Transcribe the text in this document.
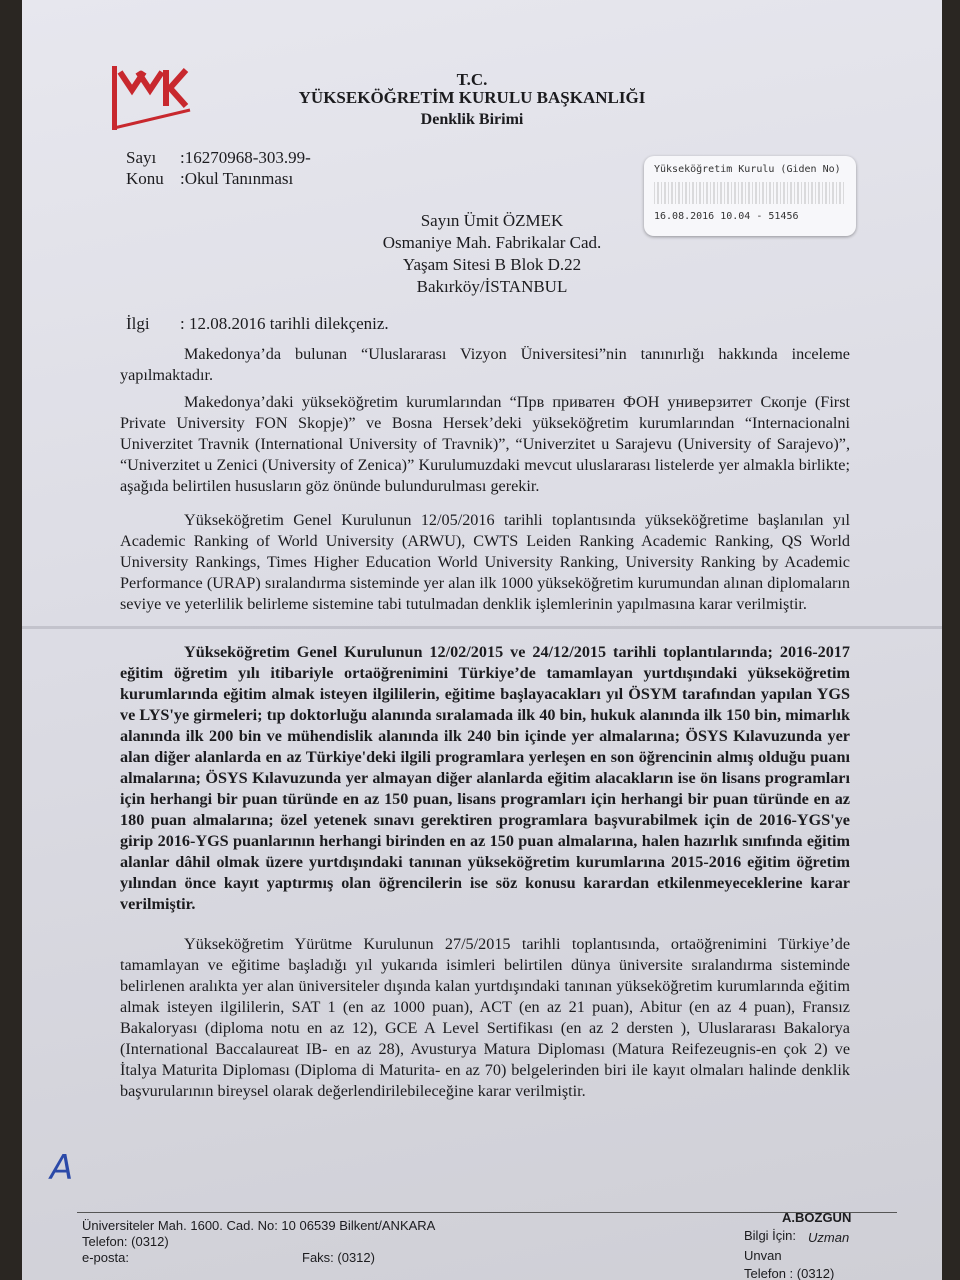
T.C.
YÜKSEKÖĞRETİM KURULU BAŞKANLIĞI
Denklik Birimi
Sayı :16270968-303.99-
Konu :Okul Tanınması	Yükseköğretim Kurulu (Giden No)
16.08.2016 10.04 - 51456
Sayın Ümit ÖZMEK
Osmaniye Mah. Fabrikalar Cad.
Yaşam Sitesi B Blok D.22
Bakırköy/İSTANBUL
İlgi : 12.08.2016 tarihli dilekçeniz.

Makedonya’da bulunan “Uluslararası Vizyon Üniversitesi”nin tanınırlığı hakkında inceleme yapılmaktadır.

Makedonya’daki yükseköğretim kurumlarından “Прв приватен ФОН универзитет Скопје (First Private University FON Skopje)” ve Bosna Hersek’deki yükseköğretim kurumlarından “Internacionalni Univerzitet Travnik (International University of Travnik)”, “Univerzitet u Sarajevu (University of Sarajevo)”, “Univerzitet u Zenici (University of Zenica)” Kurulumuzdaki mevcut uluslararası listelerde yer almakla birlikte; aşağıda belirtilen hususların göz önünde bulundurulması gerekir.

Yükseköğretim Genel Kurulunun 12/05/2016 tarihli toplantısında yükseköğretime başlanılan yıl Academic Ranking of World University (ARWU), CWTS Leiden Ranking Academic Ranking, QS World University Rankings, Times Higher Education World University Ranking, University Ranking by Academic Performance (URAP) sıralandırma sisteminde yer alan ilk 1000 yükseköğretim kurumundan alınan diplomaların seviye ve yeterlilik belirleme sistemine tabi tutulmadan denklik işlemlerinin yapılmasına karar verilmiştir.

Yükseköğretim Genel Kurulunun 12/02/2015 ve 24/12/2015 tarihli toplantılarında; 2016-2017 eğitim öğretim yılı itibariyle ortaöğrenimini Türkiye’de tamamlayan yurtdışındaki yükseköğretim kurumlarında eğitim almak isteyen ilgililerin, eğitime başlayacakları yıl ÖSYM tarafından yapılan YGS ve LYS'ye girmeleri; tıp doktorluğu alanında sıralamada ilk 40 bin, hukuk alanında ilk 150 bin, mimarlık alanında ilk 200 bin ve mühendislik alanında ilk 240 bin içinde yer almalarına; ÖSYS Kılavuzunda yer alan diğer alanlarda en az Türkiye'deki ilgili programlara yerleşen en son öğrencinin almış olduğu puanı almalarına; ÖSYS Kılavuzunda yer almayan diğer alanlarda eğitim alacakların ise ön lisans programları için herhangi bir puan türünde en az 150 puan, lisans programları için herhangi bir puan türünde en az 180 puan almalarına; özel yetenek sınavı gerektiren programlara başvurabilmek için de 2016-YGS'ye girip 2016-YGS puanlarının herhangi birinden en az 150 puan almalarına, halen hazırlık sınıfında eğitim alanlar dâhil olmak üzere yurtdışındaki tanınan yükseköğretim kurumlarına 2015-2016 eğitim öğretim yılından önce kayıt yaptırmış olan öğrencilerin ise söz konusu karardan etkilenmeyeceklerine karar verilmiştir.

Yükseköğretim Yürütme Kurulunun 27/5/2015 tarihli toplantısında, ortaöğrenimini Türkiye’de tamamlayan ve eğitime başladığı yıl yukarıda isimleri belirtilen dünya üniversite sıralandırma sisteminde belirlenen aralıkta yer alan üniversiteler dışında kalan yurtdışındaki tanınan yükseköğretim kurumlarında eğitim almak isteyen ilgililerin, SAT 1 (en az 1000 puan), ACT (en az 21 puan), Abitur (en az 4 puan), Fransız Bakaloryası (diploma notu en az 12), GCE A Level Sertifikası (en az 2 dersten ), Uluslararası Bakalorya (International Baccalaureat IB- en az 28), Avusturya Matura Diploması (Matura Reifezeugnis-en çok 2) ve İtalya Maturita Diploması (Diploma di Maturita- en az 70) belgelerinden biri ile kayıt olmaları halinde denklik başvurularının bireysel olarak değerlendirilebileceğine karar verilmiştir.

A
Üniversiteler Mah. 1600. Cad. No: 10 06539 Bilkent/ANKARA
Telefon: (0312)
e-posta:	Faks: (0312)
A.BOZGUN
Bilgi İçin: Uzman
Unvan
Telefon : (0312)
